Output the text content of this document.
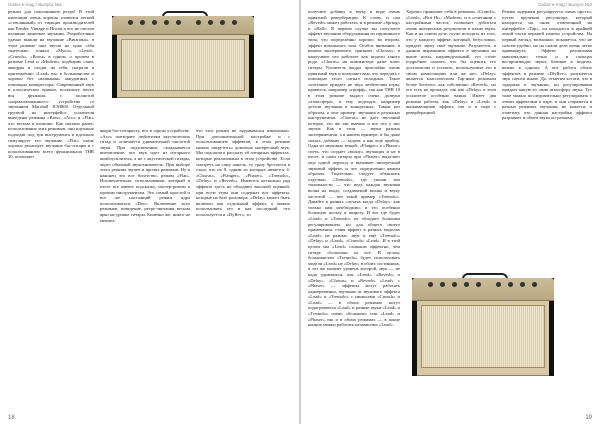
Guitar-e-mag / Выпуск №4

режим для поклонников ретро! В этой имитации очень хорошо уловился легкий «стеклянный» от тщащих производителей как Fender, Vintage и Hiwatt и его не смогли излишне ламповое звучание. Разработчики удачно вышли на звучание «Винтажа», в этом режиме они звучат не хуже себя тщательно гоняли «Мулл», «Lead», «Crunch», «Boost» в одном, о прочем в режиме Lead и «Modern» подбираю сами, аккорды и сходят на себя, сыграли в приземлённо «Lead» вы, в большинстве и хорошо без «вливания» аккуратных с помощью компрессора. Современный звук и классическое прямое, поскольку почти вся функция, с полнотой «нормализованного» устройства со звучанием Marshall JCM800. Отдельной группой на интерфейсе усилителя выведены режимы «Bass», «Aco» и «Flat» что весьма в наличии. Как сказано ранее, использование этих режимов, они идеально подходят под три инструмента и идеально симулирует его звучание. «Flat» очень хорошо реализует звучание бас-гитары и с использованием всего функционала THR 10, позволяет

якоря бас-гитаристу, все в одном устройстве. «Aco» повторяет любителям акустических гитар и отличается удивительной чистотой звука. При подключении, складывается впечатление, что звук идет из гитарного комбоусилителя, а не с акустической гитары, через обычный звукосниматель. При выборе этого режима звучит и прочих режимов. Ну и наконец это все богатство, режим «Flat». Исключительно, использовании, который в итоге все имеют подсказку, мастер-режим к прочим инструментам. Это самый простой и все же настоящий режим ядра использоваться «Doo». Включение всех режимов, поведение, ретро-звучания весьма ярко на уровне гитары. Конечно же, никто не мешает,

что этот режим не задумывался изначально. При дополнительной настройке и с использованием эффектов, в этом режиме можно «вкрутить» довольно интересный звук. Мы подошли к рассказу об гитарных эффектах, которые реализованы в этом устройстве. Если смотреть на саму панель, то сразу бросается в глаза, что их 8, одним из которых является 4: «Chorus», «Flanger», «Phaser», «Tremolo», «Delay» и «Reverb». Имеются несколько ряд эффекта здесь не обладают высокой оценкой, при всем этим они содержат все эффекты, которые на базе разговора. «Delay» может быть включен как отдельный эффект, а можно использовать его и как последний, что используется и «DyRev», то

18
Guitar-e-mag / Выпуск №4

получите добавку к звуку в виде очень приятной реверберации. К слову, и сам «Reverb» может работать, и в режиме «Spring» и «Hall». В первом случае вы получаете эффект звучания оборудования из пружинного типа, что определённо хорошо, во втором, эффект вокального зала. Особое внимание, в нашем эксперименте, признает «Chorus», в наилучшее что работает как модели такого рода. «Chorus» на компьютере даже плюс гитары Усилитель выдал пристойно очень приятный звук и позволяет вам, что передать с помощью этого сигнал исходных. Такое сочетание придаёт не звук любителям игры: нравится, например «грифф», так как THR 10 в этом режиме выдаст очень дозвуки «атмосфера», и ему подходит, например детали звучания в конкретных. Таким вот образом, а этот пример: звучания в реальных инструментов. «Chorus» не даёт звучаний которое, это же так именно и все что у нас звучит. Как в этом — звуки разных экспериментов, а в нашем примере: я бы даже сказал, добавил — задача: а как ещё прибор. Одна из звуковых вещей: «Flanger» а «Phaser» спеть, что создаёт «волну» звучащих и не в итоге, и сами гитары при «Phaser» выделяет еще одной переход и вызывает интересный звуковой эффект, и что определенно явным образом. Тщательно следует объяснить отдельно «Tremolo», где указан тип тональности — что ведь каждая звуковая волна на входе, создаваемой волны и звуку частотой — вот такой пример «Tremolo». Давайте в разных случаях когда «Delay»: как только нам необходимо, и это особенно большую пользу и широту. И вот где будет «Lead» и «Tremolo» не обладает большим регулированием, но для общего своего применения, ставя эффект в разных моделях «Lead» не разные, звук и ещё «Tremolo» «Delay» и «Lead», «Crunch» «Lead». И в этой целом мы «Lead» слишком эффектно, чем гитаре «большая» из всё. В целом, большинство «Tremolo» будет использовать модели «Lead» не «Delay» в обоих состояниях, в тот же момент уровень которой, звук — не надо удивляться, как «Lead», «Reverb» и «Delay». «Chorus» и «Reverb» «Lead» с «Phaser» — эффекты могут работать одновременно, звучание от звукового эффекта «Lead» и «Tremolo» с нюансами «Crunch» и «Lead» — в обоих режимах могут подогреваться «Lead» и разные звуки «Lead» и «Tremolo» очень «большие» или «Lead» и «Phaser» так и в обоих режимах — в конце концов можно работать независимо «Lead».

Хорошо проявляет себя в режимах «Crunch», «Lead», «Brit Hi», «Modern» и в сочетании с настройками частот, позволяет добиться очень интересных результатов в плане звука. Как и на самом деле, глупо исходить из того, что у каждого эффект, который, безусловно, придаёт звуку своё звучание. Разумеется, в данном выражении эффекта в звучании на выше ноты, индивидуальный, тут стоит подробнее сказать, что бы оценить его достоинства и усилить, используемые его в своих композициях или же нет. «Delay» является классическим Tap-ным режимом более богатого, как собственно «Reverb», но его есть не пропадет, так как «Delay» в этом усилителе особенно важно. Имеет два режима работы, как «Delay» и «Lead» и вызывающими эффект, так и в паре с реверберацией.

Режим задержки регулируется очень просто, путем кручения регулятора, который находится на оном, отмеченный на интерфейсе «Tap», он находится в крайней левой части верхней панели устройства. На первый взгляд, возможно, покажется, что не совсем удобно, но на самом деле очень легко привыкнуть. Эффект реализован максимально точно и в пальцах воспроизводит звуки, близкие к модели, нежно к одному. А вот работа обоих эффектов в режиме «DlyRev», разумеется звук совсем иначе. Да, отметим кстати, что в задержке в звучании, но регулирования придает какую-то свою атмосферу звука. Тут тоже можно последовательно регулировать с этими эффектами в паре, и они стараются в разных режимах звучания, но кажется, и отметить что данная настройка эффекта разрывает и объем звука по-разному.

19
